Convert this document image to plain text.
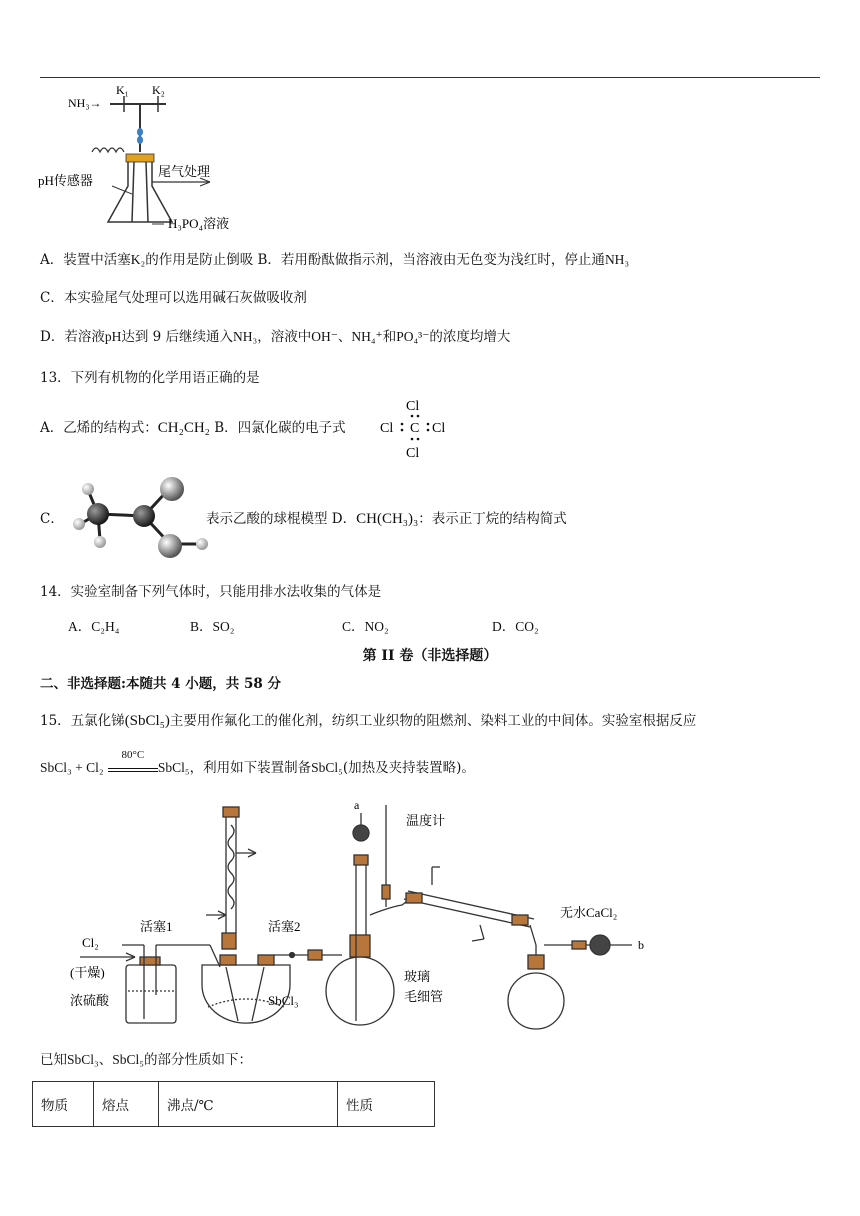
NH₃→
K₁ K₂
尾气处理
pH传感器
H₃PO₄溶液
A．装置中活塞K₂的作用是防止倒吸 B．若用酚酞做指示剂，当溶液由无色变为浅红时，停止通NH₃
C．本实验尾气处理可以选用碱石灰做吸收剂
D．若溶液pH达到 9 后继续通入NH₃，溶液中OH⁻、NH₄⁺和PO₄³⁻的浓度均增大
13．下列有机物的化学用语正确的是
A．乙烯的结构式：CH₂CH₂ B．四氯化碳的电子式
Cl
Cl C Cl
Cl
C．	表示乙酸的球棍模型 D．CH(CH₃)₃：表示正丁烷的结构简式
14．实验室制备下列气体时，只能用排水法收集的气体是
A．C₂H₄	B．SO₂	C．NO₂	D．CO₂
第 II 卷（非选择题）
二、非选择题:本随共 4 小题，共 58 分
15．五氯化锑(SbCl₅)主要用作氟化工的催化剂，纺织工业织物的阻燃剂、染料工业的中间体。实验室根据反应
SbCl₃ + Cl₂
80°C
SbCl₅，利用如下装置制备SbCl₅(加热及夹持装置略)。
Cl₂
(干燥)
浓硫酸
活塞1	活塞2
SbCl₃
a
温度计
玻璃
毛细管
无水CaCl₂
b
已知SbCl₃、SbCl₅的部分性质如下：
物质	熔点	沸点/℃	性质
